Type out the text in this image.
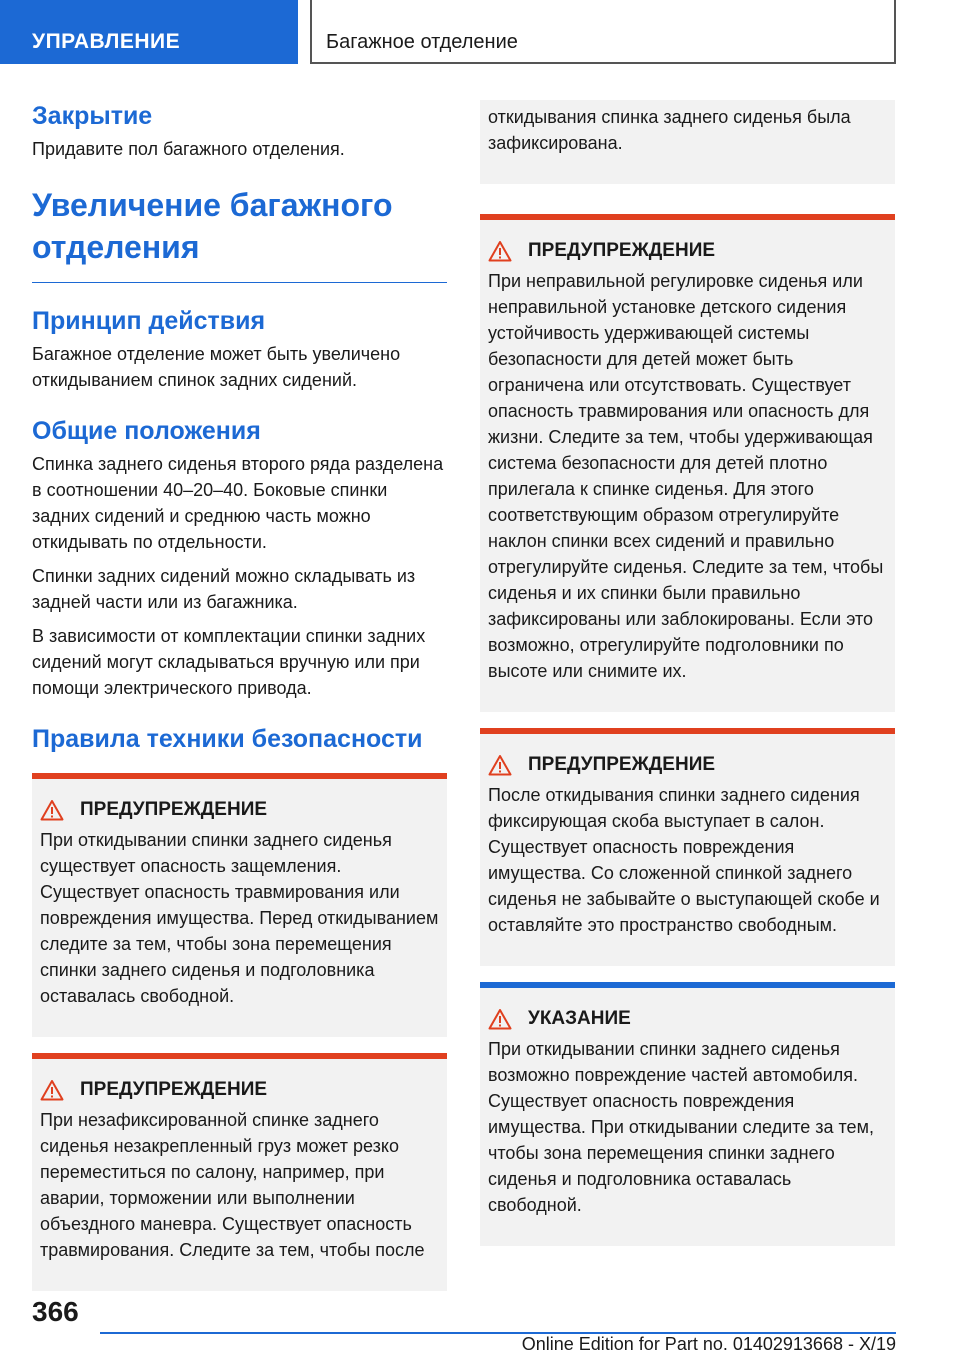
УПРАВЛЕНИЕ	Багажное отделение
Закрытие
Придавите пол багажного отделения.
Увеличение багажного отделения
Принцип действия
Багажное отделение может быть увеличено откидыванием спинок задних сидений.
Общие положения
Спинка заднего сиденья второго ряда разделена в соотношении 40–20–40. Боковые спинки задних сидений и среднюю часть можно откидывать по отдельности.
Спинки задних сидений можно складывать из задней части или из багажника.
В зависимости от комплектации спинки задних сидений могут складываться вручную или при помощи электрического привода.
Правила техники безопасности
ПРЕДУПРЕЖДЕНИЕ
При откидывании спинки заднего сиденья существует опасность защемления. Существует опасность травмирования или повреждения имущества. Перед откидыванием следите за тем, чтобы зона перемещения спинки заднего сиденья и подголовника оставалась свободной.
ПРЕДУПРЕЖДЕНИЕ
При незафиксированной спинке заднего сиденья незакрепленный груз может резко переместиться по салону, например, при аварии, торможении или выполнении объездного маневра. Существует опасность травмирования. Следите за тем, чтобы после
откидывания спинка заднего сиденья была зафиксирована.
ПРЕДУПРЕЖДЕНИЕ
При неправильной регулировке сиденья или неправильной установке детского сидения устойчивость удерживающей системы безопасности для детей может быть ограничена или отсутствовать. Существует опасность травмирования или опасность для жизни. Следите за тем, чтобы удерживающая система безопасности для детей плотно прилегала к спинке сиденья. Для этого соответствующим образом отрегулируйте наклон спинки всех сидений и правильно отрегулируйте сиденья. Следите за тем, чтобы сиденья и их спинки были правильно зафиксированы или заблокированы. Если это возможно, отрегулируйте подголовники по высоте или снимите их.
ПРЕДУПРЕЖДЕНИЕ
После откидывания спинки заднего сидения фиксирующая скоба выступает в салон. Существует опасность повреждения имущества. Со сложенной спинкой заднего сиденья не забывайте о выступающей скобе и оставляйте это пространство свободным.
УКАЗАНИЕ
При откидывании спинки заднего сиденья возможно повреждение частей автомобиля. Существует опасность повреждения имущества. При откидывании следите за тем, чтобы зона перемещения спинки заднего сиденья и подголовника оставалась свободной.
366
Online Edition for Part no. 01402913668 - X/19
